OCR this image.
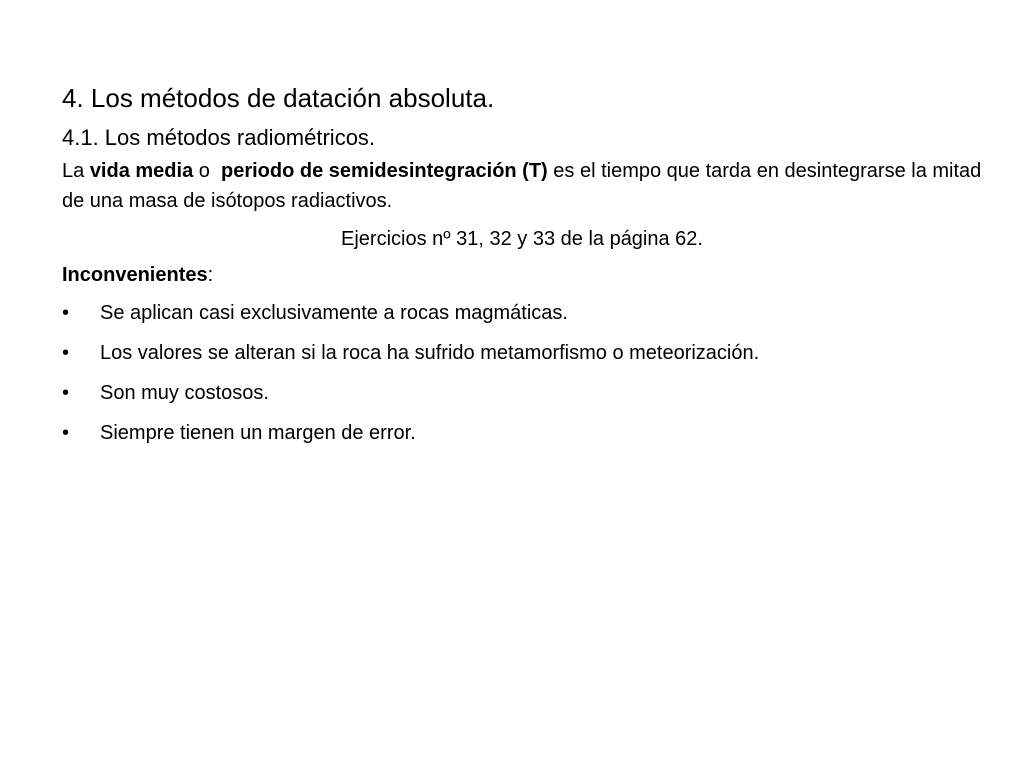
4. Los métodos de datación absoluta.
4.1. Los métodos radiométricos.
La vida media o  periodo de semidesintegración (T) es el tiempo que tarda en desintegrarse la mitad de una masa de isótopos radiactivos.
Ejercicios nº 31, 32 y 33 de la página 62.
Inconvenientes:
•	Se aplican casi exclusivamente a rocas magmáticas.
•	Los valores se alteran si la roca ha sufrido metamorfismo o meteorización.
•	Son muy costosos.
•	Siempre tienen un margen de error.
